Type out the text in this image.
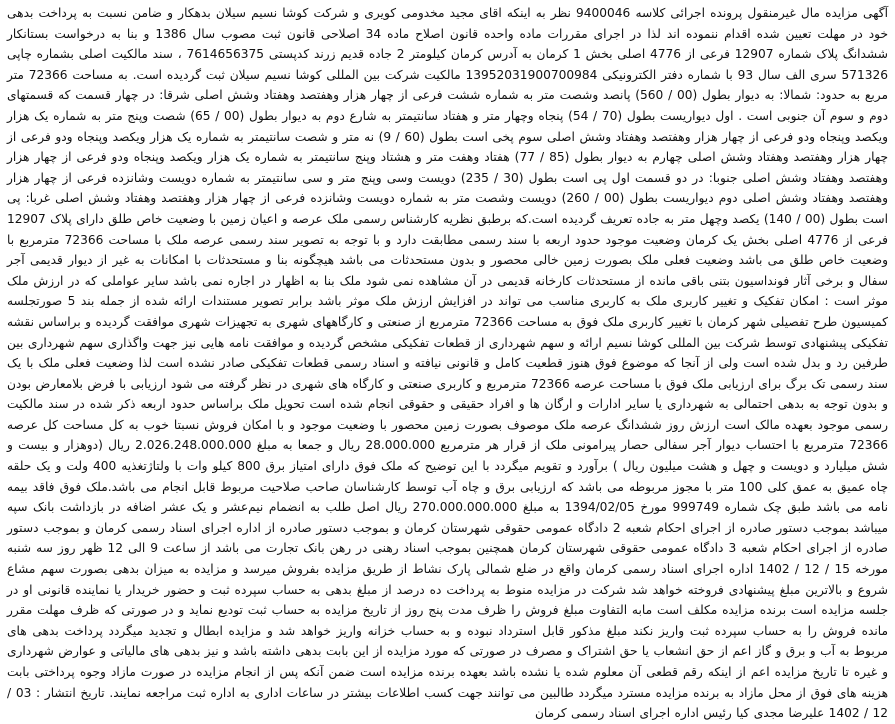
آگهی مزایده مال غیرمنقول پرونده اجرائی کلاسه 9400046 نظر به اینکه اقای مجید مخدومی کویری و شرکت کوشا نسیم سیلان بدهکار و ضامن نسبت به پرداخت بدهی خود در مهلت تعیین شده اقدام ننموده اند لذا در اجرای مقررات ماده واحده قانون اصلاح ماده 34 اصلاحی قانون ثبت مصوب سال 1386 و بنا به درخواست بستانکار ششدانگ پلاک شماره 12907 فرعی از 4776 اصلی بخش 1 کرمان به آدرس کرمان کیلومتر 2 جاده قدیم زرند کدپستی 7614656375 ، سند مالکیت اصلی بشماره چاپی 571326 سری الف سال 93 با شماره دفتر الکترونیکی 13952031900700984 مالکیت شرکت بین المللی کوشا نسیم سیلان ثبت گردیده است. به مساحت 72366 متر مربع به حدود: شمالا: به دیوار بطول (00 / 560) پانصد وشصت متر به شماره ششت فرعی از چهار هزار وهفتصد وهفتاد وشش اصلی شرقا: در چهار قسمت که قسمتهای دوم و سوم آن جنوبی است . اول دیواریست بطول (70 / 54) پنجاه وچهار متر و هفتاد سانتیمتر به شارع دوم به دیوار بطول (00 / 65) شصت وپنج متر به شماره یک هزار ویکصد وپنجاه ودو فرعی از چهار هزار وهفتصد وهفتاد وشش اصلی سوم پخی است بطول (60 / 9) نه متر و شصت سانتیمتر به شماره یک هزار ویکصد وپنجاه ودو فرعی از چهار هزار وهفتصد وهفتاد وشش اصلی چهارم به دیوار بطول (85 / 77) هفتاد وهفت متر و هشتاد وپنج سانتیمتر به شماره یک هزار ویکصد وپنجاه ودو فرعی از چهار هزار وهفتصد وهفتاد وشش اصلی جنوبا: در دو قسمت اول پی است بطول (30 / 235) دویست وسی وپنج متر و سی سانتیمتر به شماره دویست وشانزده فرعی از چهار هزار وهفتصد وهفتاد وشش اصلی دوم دیواریست بطول (00 / 260) دویست وشصت متر به شماره دویست وشانزده فرعی از چهار هزار وهفتصد وهفتاد وشش اصلی غربا: پی است بطول (00 / 140) یکصد وچهل متر به جاده تعریف گردیده است.که برطبق نظریه کارشناس رسمی ملک عرصه و اعیان زمین با وضعیت خاص طلق دارای پلاک 12907 فرعی از 4776 اصلی بخش یک کرمان وضعیت موجود حدود اربعه با سند رسمی مطابقت دارد و با توجه به تصویر سند رسمی عرصه ملک با مساحت 72366 مترمربع با وضعیت خاص طلق می باشد وضعیت فعلی ملک بصورت زمین خالی محصور و بدون مستحدثات می باشد هیچگونه بنا و مستحدثات با امکانات به غیر از دیوار قدیمی آجر سفال و برخی آثار فونداسیون بتنی باقی مانده از مستحدثات کارخانه قدیمی در آن مشاهده نمی شود ملک بنا به اظهار در اجاره نمی باشد سایر عواملی که در ارزش ملک موثر است : امکان تفکیک و تغییر کاربری ملک به کاربری مناسب می تواند در افزایش ارزش ملک موثر باشد برابر تصویر مستندات ارائه شده از جمله بند 5 صورتجلسه کمیسیون طرح تفصیلی شهر کرمان با تغییر کاربری ملک فوق به مساحت 72366 مترمربع از صنعتی و کارگاههای شهری به تجهیزات شهری موافقت گردیده و براساس نقشه تفکیکی پیشنهادی توسط شرکت بین المللی کوشا نسیم ارائه و سهم شهرداری از قطعات تفکیکی مشخص گردیده و موافقت نامه هایی نیز جهت واگذاری سهم شهرداری بین طرفین رد و بدل شده است ولی از آنجا که موضوع فوق هنوز قطعیت کامل و قانونی نیافته و اسناد رسمی قطعات تفکیکی صادر نشده است لذا وضعیت فعلی ملک با یک سند رسمی تک برگ برای ارزیابی ملک فوق با مساحت عرصه 72366 مترمربع و کاربری صنعتی و کارگاه های شهری در نظر گرفته می شود ارزیابی با فرض بلامعارض بودن و بدون توجه به بدهی احتمالی به شهرداری یا سایر ادارات و ارگان ها و افراد حقیقی و حقوقی انجام شده است تحویل ملک براساس حدود اربعه ذکر شده در سند مالکیت رسمی موجود بعهده مالک است ارزش روز ششدانگ عرصه ملک موصوف بصورت زمین محصور با وضعیت موجود و با امکان فروش نسبتا خوب به کل مساحت کل عرصه 72366 مترمربع با احتساب دیوار آجر سفالی حصار پیرامونی ملک از قرار هر مترمربع 28.000.000 ریال و جمعا به مبلغ 2.026.248.000.000 ریال (دوهزار و بیست و شش میلیارد و دویست و چهل و هشت میلیون ریال ) برآورد و تقویم میگردد با این توضیح که ملک فوق دارای امتیاز برق 800 کیلو وات با ولتاژتغذیه 400 ولت و یک حلقه چاه عمیق به عمق کلی 100 متر با مجوز مربوطه می باشد که ارزیابی برق و چاه آب توسط کارشناسان صاحب صلاحیت مربوط قابل انجام می باشد.ملک فوق فاقد بیمه نامه می باشد طبق چک شماره 999749 مورخ 1394/02/05 به مبلغ 270.000.000.000 ریال اصل طلب به انضمام نیم‌عشر و یک عشر اضافه در بازداشت بانک سپه میباشد بموجب دستور صادره از اجرای احکام شعبه 2 دادگاه عمومی حقوقی شهرستان کرمان و بموجب دستور صادره از اداره اجرای اسناد رسمی کرمان و بموجب دستور صادره از اجرای احکام شعبه 3 دادگاه عمومی حقوقی شهرستان کرمان همچنین بموجب اسناد رهنی در رهن بانک تجارت می باشد از ساعت 9 الی 12 ظهر روز سه شنبه مورخه 15 / 12 / 1402 اداره اجرای اسناد رسمی کرمان واقع در ضلع شمالی پارک نشاط از طریق مزایده بفروش میرسد و مزایده به میزان بدهی بصورت سهم مشاع شروع و بالاترین مبلغ پیشنهادی فروخته خواهد شد شرکت در مزایده منوط به پرداخت ده درصد از مبلغ بدهی به حساب سپرده ثبت و حضور خریدار یا نماینده قانونی او در جلسه مزایده است برنده مزایده مکلف است مابه التفاوت مبلغ فروش را ظرف مدت پنج روز از تاریخ مزایده به حساب ثبت تودیع نماید و در صورتی که ظرف مهلت مقرر مانده فروش را به حساب سپرده ثبت واریز نکند مبلغ مذکور قابل استرداد نبوده و به حساب خزانه واریز خواهد شد و مزایده ابطال و تجدید میگردد پرداخت بدهی های مربوط به آب و برق و گاز اعم از حق انشعاب یا حق اشتراک و مصرف در صورتی که مورد مزایده از این بابت بدهی داشته باشد و نیز بدهی های مالیاتی و عوارض شهرداری و غیره تا تاریخ مزایده اعم از اینکه رقم قطعی آن معلوم شده یا نشده باشد بعهده برنده مزایده است ضمن آنکه پس از انجام مزایده در صورت مازاد وجوه پرداختی بابت هزینه های فوق از محل مازاد به برنده مزایده مسترد میگردد طالبین می توانند جهت کسب اطلاعات بیشتر در ساعات اداری به اداره ثبت مراجعه نمایند. تاریخ انتشار : 03 / 12 / 1402 علیرضا مجدی کیا رئیس اداره اجرای اسناد رسمی کرمان
